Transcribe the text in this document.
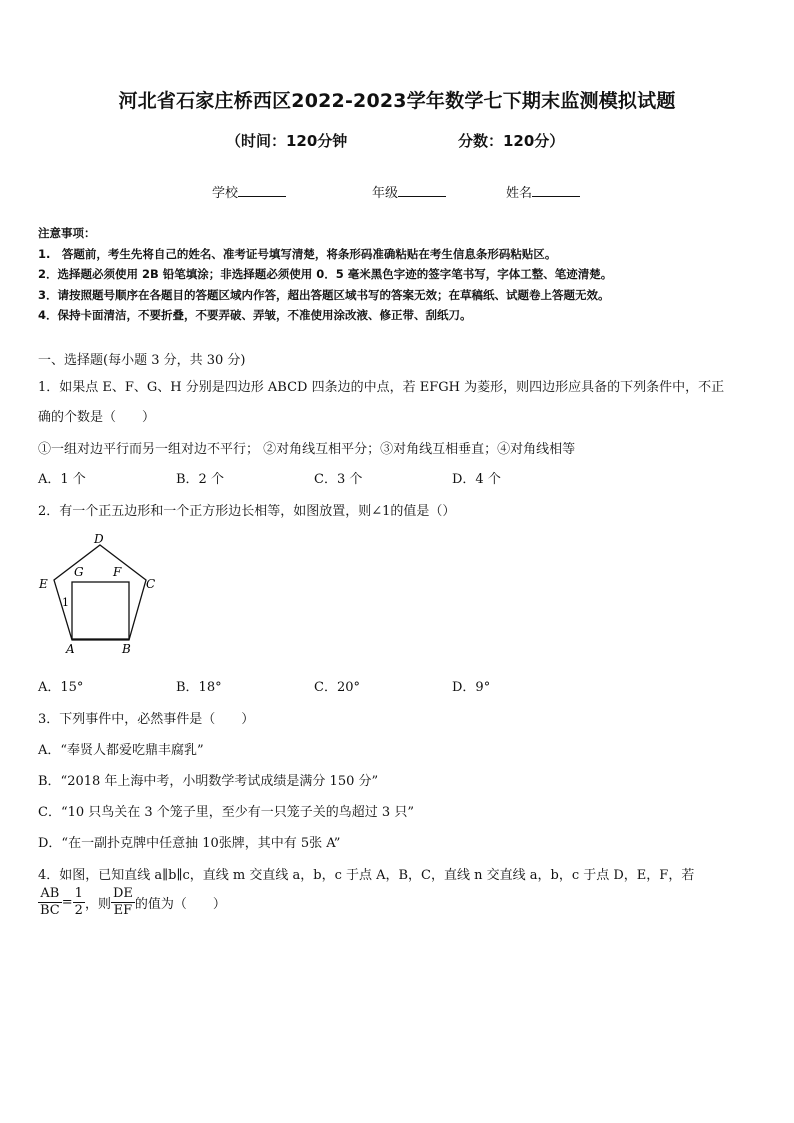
河北省石家庄桥西区2022-2023学年数学七下期末监测模拟试题
（时间：120分钟	分数：120分）
学校	年级	姓名
注意事项：
1.　答题前，考生先将自己的姓名、准考证号填写清楚，将条形码准确粘贴在考生信息条形码粘贴区。
2．选择题必须使用 2B 铅笔填涂；非选择题必须使用 0．5 毫米黑色字迹的签字笔书写，字体工整、笔迹清楚。
3．请按照题号顺序在各题目的答题区域内作答，超出答题区域书写的答案无效；在草稿纸、试题卷上答题无效。
4．保持卡面清洁，不要折叠，不要弄破、弄皱，不准使用涂改液、修正带、刮纸刀。
一、选择题(每小题 3 分，共 30 分)
1．如果点 E、F、G、H 分别是四边形 ABCD 四条边的中点，若 EFGH 为菱形，则四边形应具备的下列条件中，不正
确的个数是（　　）
①一组对边平行而另一组对边不平行； ②对角线互相平分；③对角线互相垂直；④对角线相等
A．1 个	B．2 个	C．3 个	D．4 个
2．有一个正五边形和一个正方形边长相等，如图放置，则∠1的值是（）
D
E
G F
C
1
A	B
A．15°	B．18°	C．20°	D．9°
3．下列事件中，必然事件是（　　）
A．“奉贤人都爱吃鼎丰腐乳”
B．“2018 年上海中考，小明数学考试成绩是满分 150 分”
C．“10 只鸟关在 3 个笼子里，至少有一只笼子关的鸟超过 3 只”
D．“在一副扑克牌中任意抽 10张牌，其中有 5张 A”
4．如图，已知直线 a∥b∥c，直线 m 交直线 a，b，c 于点 A，B，C，直线 n 交直线 a，b，c 于点 D，E，F，若
$\frac{AB}{BC} = \frac{1}{2}$ ，则 $\frac{DE}{EF}$ 的值为（　　）
